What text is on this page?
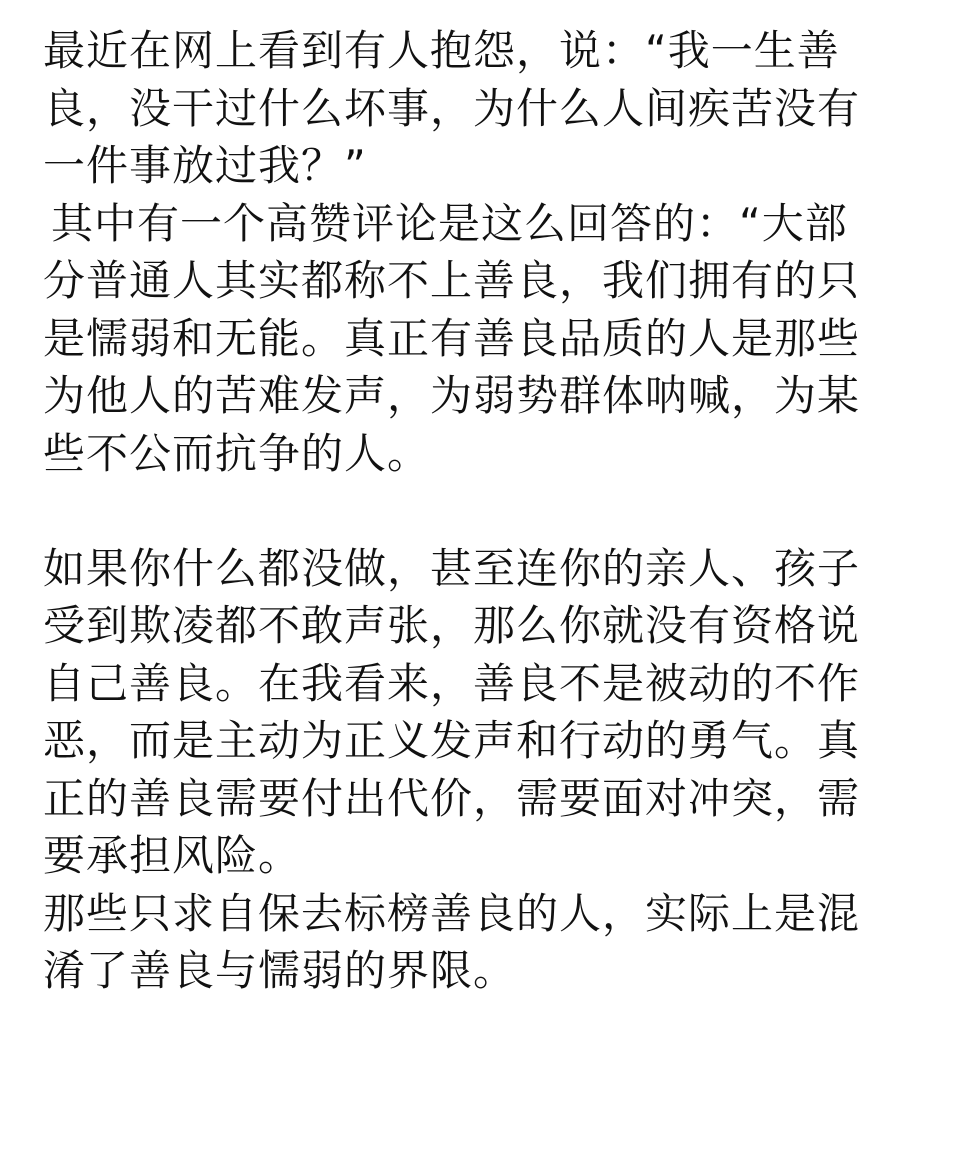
最近在网上看到有人抱怨，说：“我一生善
良，没干过什么坏事，为什么人间疾苦没有
一件事放过我？”
其中有一个高赞评论是这么回答的：“大部
分普通人其实都称不上善良，我们拥有的只
是懦弱和无能。真正有善良品质的人是那些
为他人的苦难发声，为弱势群体呐喊，为某
些不公而抗争的人。
如果你什么都没做，甚至连你的亲人、孩子
受到欺凌都不敢声张，那么你就没有资格说
自己善良。在我看来，善良不是被动的不作
恶，而是主动为正义发声和行动的勇气。真
正的善良需要付出代价，需要面对冲突，需
要承担风险。
那些只求自保去标榜善良的人，实际上是混
淆了善良与懦弱的界限。
